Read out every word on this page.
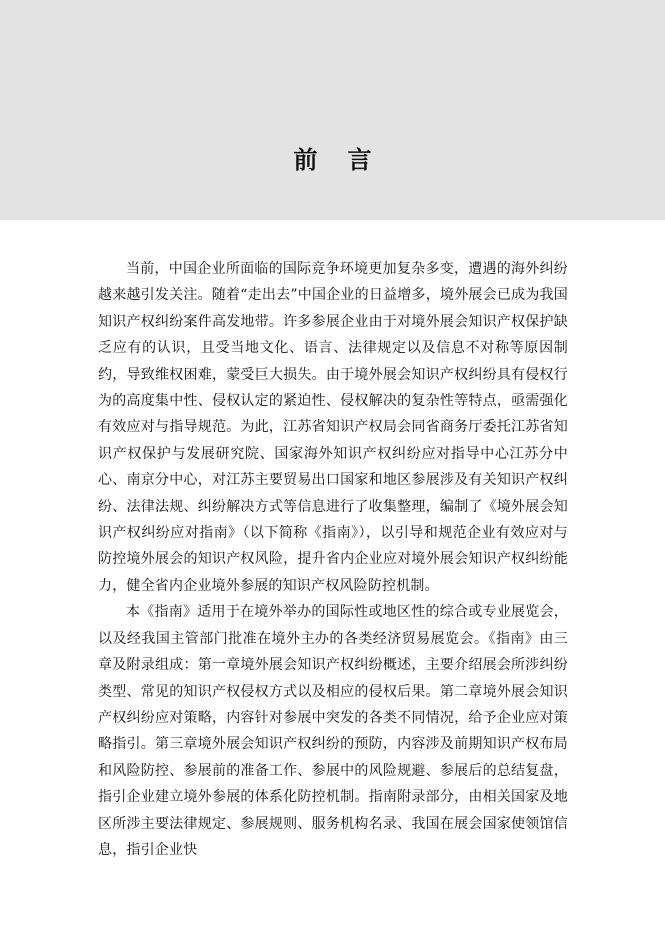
前言

当前，中国企业所面临的国际竞争环境更加复杂多变，遭遇的海外纠纷越来越引发关注。随着“走出去”中国企业的日益增多，境外展会已成为我国知识产权纠纷案件高发地带。许多参展企业由于对境外展会知识产权保护缺乏应有的认识，且受当地文化、语言、法律规定以及信息不对称等原因制约，导致维权困难，蒙受巨大损失。由于境外展会知识产权纠纷具有侵权行为的高度集中性、侵权认定的紧迫性、侵权解决的复杂性等特点，亟需强化有效应对与指导规范。为此，江苏省知识产权局会同省商务厅委托江苏省知识产权保护与发展研究院、国家海外知识产权纠纷应对指导中心江苏分中心、南京分中心，对江苏主要贸易出口国家和地区参展涉及有关知识产权纠纷、法律法规、纠纷解决方式等信息进行了收集整理，编制了《境外展会知识产权纠纷应对指南》（以下简称《指南》），以引导和规范企业有效应对与防控境外展会的知识产权风险，提升省内企业应对境外展会知识产权纠纷能力，健全省内企业境外参展的知识产权风险防控机制。

本《指南》适用于在境外举办的国际性或地区性的综合或专业展览会，以及经我国主管部门批准在境外主办的各类经济贸易展览会。《指南》由三章及附录组成：第一章境外展会知识产权纠纷概述，主要介绍展会所涉纠纷类型、常见的知识产权侵权方式以及相应的侵权后果。第二章境外展会知识产权纠纷应对策略，内容针对参展中突发的各类不同情况，给予企业应对策略指引。第三章境外展会知识产权纠纷的预防，内容涉及前期知识产权布局和风险防控、参展前的准备工作、参展中的风险规避、参展后的总结复盘，指引企业建立境外参展的体系化防控机制。指南附录部分，由相关国家及地区所涉主要法律规定、参展规则、服务机构名录、我国在展会国家使领馆信息，指引企业快
